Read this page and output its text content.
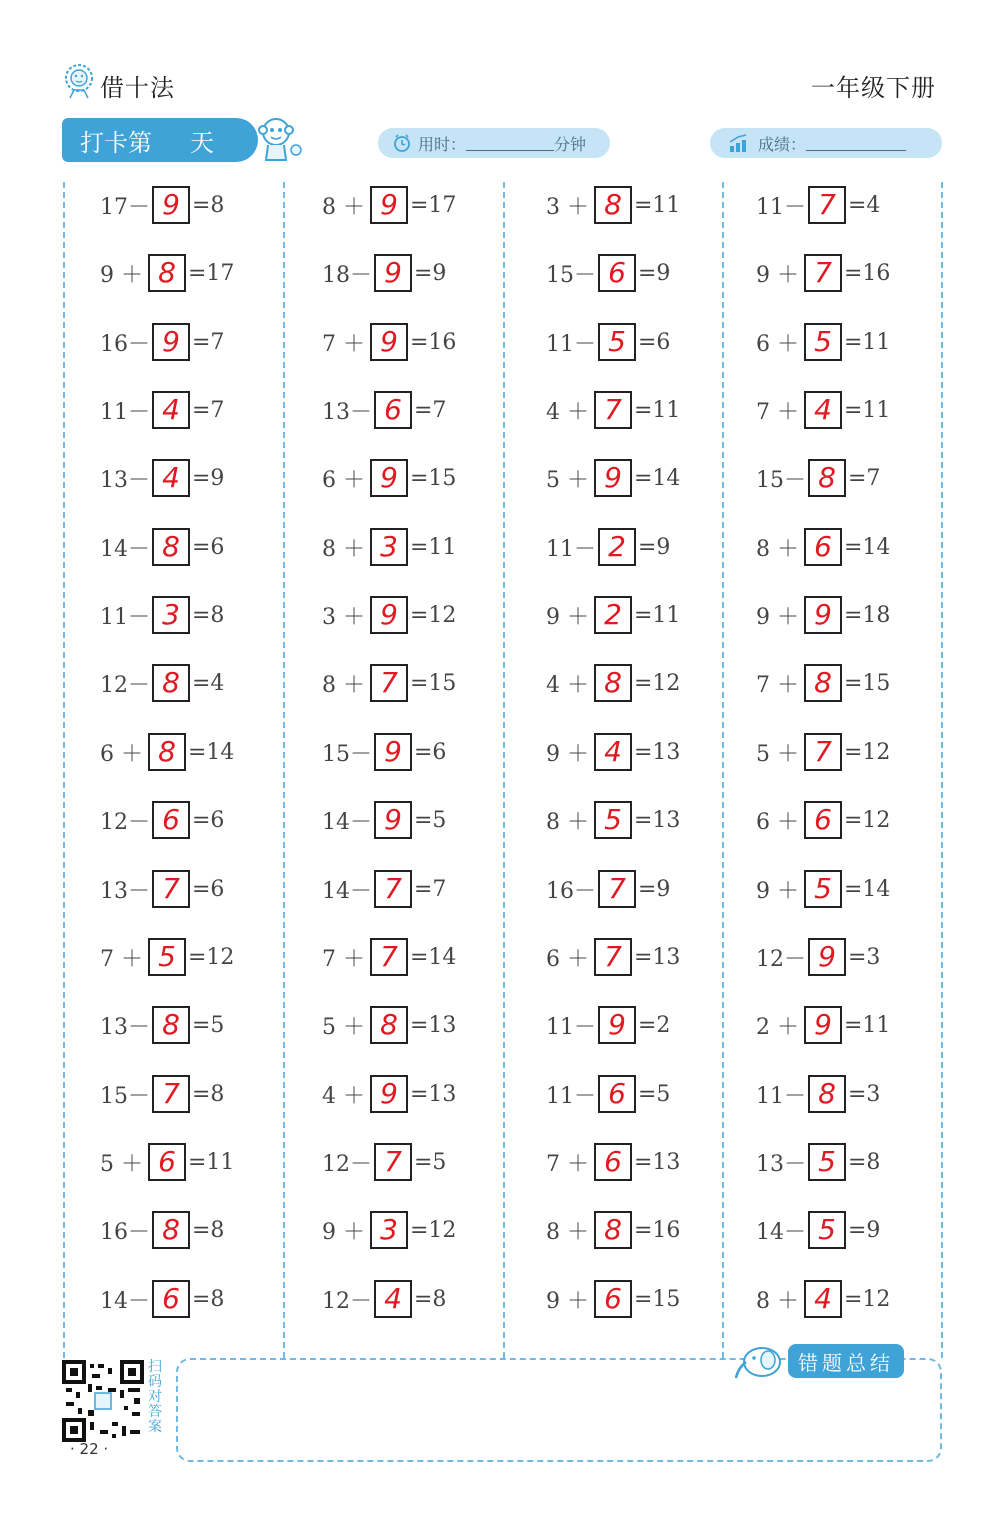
借十法	一年级下册
打卡第 天	用时：	分钟	成绩：
17－ 9 =8
9 ＋ 8 =17
16－ 9 =7
11－ 4 =7
13－ 4 =9
14－ 8 =6
11－ 3 =8
12－ 8 =4
6 ＋ 8 =14
12－ 6 =6
13－ 7 =6
7 ＋ 5 =12
13－ 8 =5
15－ 7 =8
5 ＋ 6 =11
16－ 8 =8
14－ 6 =8
8 ＋ 9 =17
18－ 9 =9
7 ＋ 9 =16
13－ 6 =7
6 ＋ 9 =15
8 ＋ 3 =11
3 ＋ 9 =12
8 ＋ 7 =15
15－ 9 =6
14－ 9 =5
14－ 7 =7
7 ＋ 7 =14
5 ＋ 8 =13
4 ＋ 9 =13
12－ 7 =5
9 ＋ 3 =12
12－ 4 =8
3 ＋ 8 =11
15－ 6 =9
11－ 5 =6
4 ＋ 7 =11
5 ＋ 9 =14
11－ 2 =9
9 ＋ 2 =11
4 ＋ 8 =12
9 ＋ 4 =13
8 ＋ 5 =13
16－ 7 =9
6 ＋ 7 =13
11－ 9 =2
11－ 6 =5
7 ＋ 6 =13
8 ＋ 8 =16
9 ＋ 6 =15
11－ 7 =4
9 ＋ 7 =16
6 ＋ 5 =11
7 ＋ 4 =11
15－ 8 =7
8 ＋ 6 =14
9 ＋ 9 =18
7 ＋ 8 =15
5 ＋ 7 =12
6 ＋ 6 =12
9 ＋ 5 =14
12－ 9 =3
2 ＋ 9 =11
11－ 8 =3
13－ 5 =8
14－ 5 =9
8 ＋ 4 =12
错题总结
扫码对答案
· 22 ·
